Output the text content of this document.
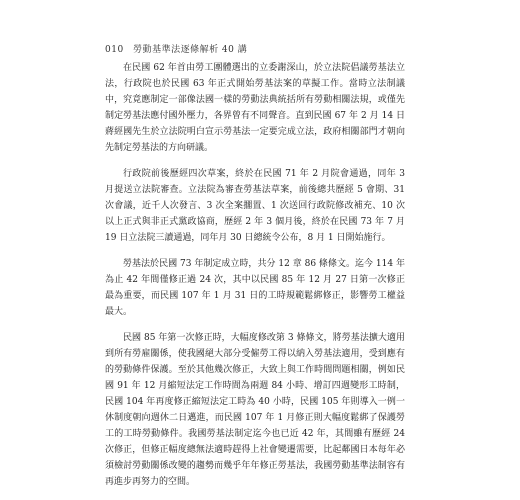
010 勞動基準法逐條解析 40 講

在民國 62 年首由勞工團體選出的立委謝深山，於立法院倡議勞基法立法，行政院也於民國 63 年正式開始勞基法案的草擬工作。當時立法制議中，究竟應制定一部像法國一樣的勞動法典統括所有勞動相關法規，或僅先制定勞基法應付國外壓力，各界曾有不同聲音。直到民國 67 年 2 月 14 日蔣經國先生於立法院明白宣示勞基法一定要完成立法，政府相關部門才朝向先制定勞基法的方向研議。

行政院前後歷經四次草案，終於在民國 71 年 2 月院會通過，同年 3 月提送立法院審查。立法院為審查勞基法草案，前後總共歷經 5 會期、31 次會議，近千人次發言、3 次全案擱置、1 次送回行政院修改補充、10 次以上正式與非正式黨政協商，歷經 2 年 3 個月後，終於在民國 73 年 7 月 19 日立法院三讀通過，同年月 30 日總統令公布，8 月 1 日開始施行。

勞基法於民國 73 年制定成立時，共分 12 章 86 條條文。迄今 114 年為止 42 年間僅修正過 24 次，其中以民國 85 年 12 月 27 日第一次修正最為重要，而民國 107 年 1 月 31 日的工時規範鬆綁修正，影響勞工權益最大。

民國 85 年第一次修正時，大幅度修改第 3 條條文，將勞基法擴大適用到所有勞雇關係，使我國絕大部分受僱勞工得以納入勞基法適用，受到應有的勞動條件保護。至於其他幾次修正，大致上與工作時間問題相關，例如民國 91 年 12 月縮短法定工作時間為兩週 84 小時、增訂四週變形工時制，民國 104 年再度修正縮短法定工時為 40 小時，民國 105 年則導入一例一休制度朝向週休二日邁進，而民國 107 年 1 月修正則大幅度鬆綁了保護勞工的工時勞動條件。我國勞基法制定迄今也已近 42 年，其間雖有歷經 24 次修正，但修正幅度總無法適時趕得上社會變遷需要，比起鄰國日本每年必須檢討勞動關係改變的趨勢而幾乎年年修正勞基法，我國勞動基準法制容有再進步再努力的空間。
